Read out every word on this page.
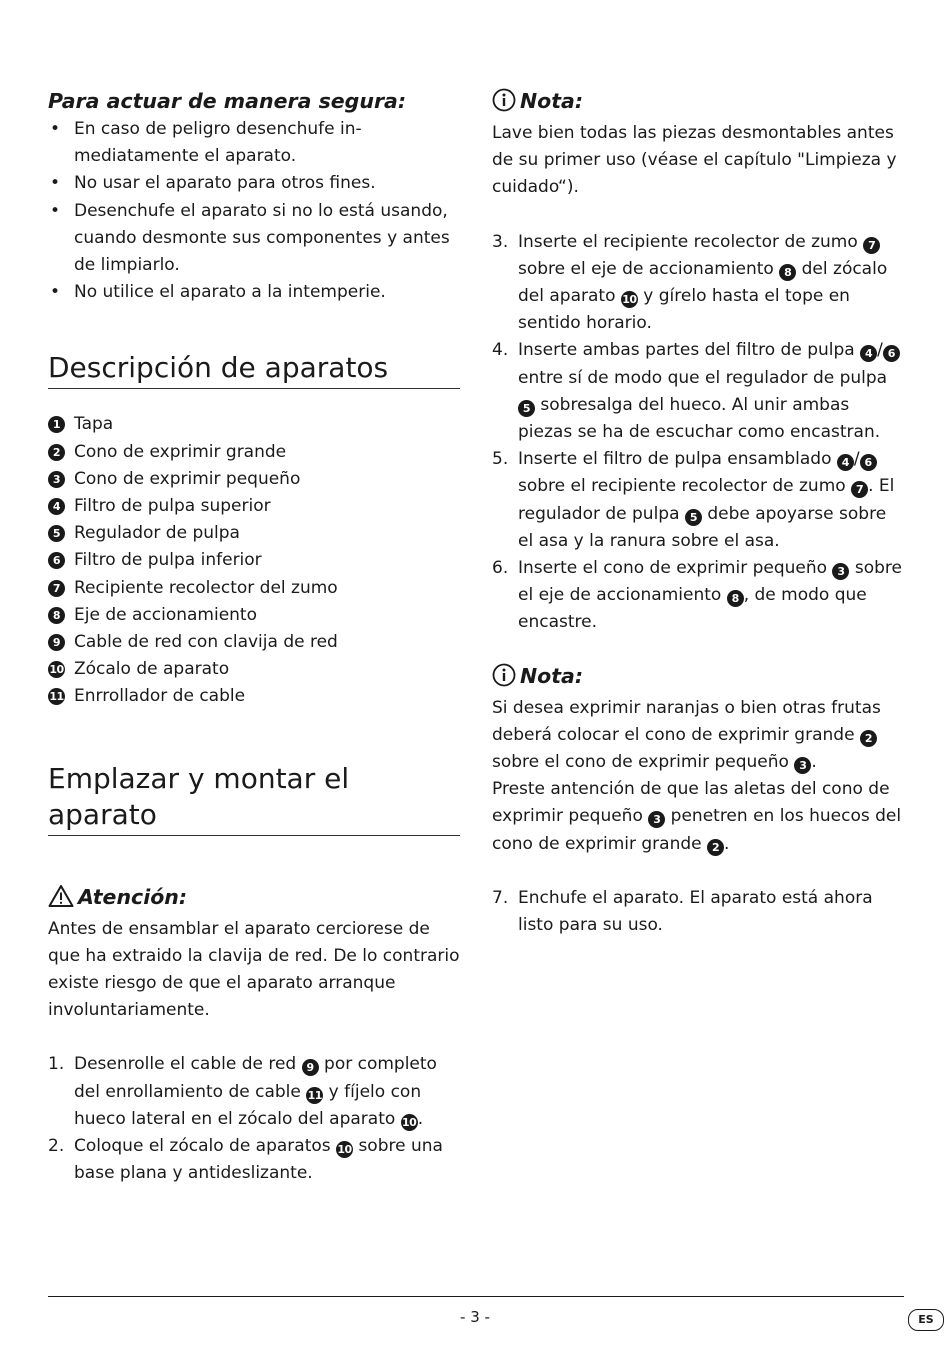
Para actuar de manera segura:

• En caso de peligro desenchufe in-mediatamente el aparato.
• No usar el aparato para otros fines.
• Desenchufe el aparato si no lo está usando, cuando desmonte sus componentes y antes de limpiarlo.
• No utilice el aparato a la intemperie.
Descripción de aparatos
1 Tapa
2 Cono de exprimir grande
3 Cono de exprimir pequeño
4 Filtro de pulpa superior
5 Regulador de pulpa
6 Filtro de pulpa inferior
7 Recipiente recolector del zumo
8 Eje de accionamiento
9 Cable de red con clavija de red
10 Zócalo de aparato
11 Enrrollador de cable
Emplazar y montar el aparato

Atención:

Antes de ensamblar el aparato cerciorese de que ha extraido la clavija de red. De lo contrario existe riesgo de que el aparato arranque involuntariamente.

1. Desenrolle el cable de red 9 por completo del enrollamiento de cable 11 y fíjelo con hueco lateral en el zócalo del aparato 10.
2. Coloque el zócalo de aparatos 10 sobre una base plana y antideslizante.

Nota:

Lave bien todas las piezas desmontables antes de su primer uso (véase el capítulo "Limpieza y cuidado“).

3. Inserte el recipiente recolector de zumo 7 sobre el eje de accionamiento 8 del zócalo del aparato 10 y gírelo hasta el tope en sentido horario.
4. Inserte ambas partes del filtro de pulpa 4 / 6 entre sí de modo que el regulador de pulpa 5 sobresalga del hueco. Al unir ambas piezas se ha de escuchar como encastran.
5. Inserte el filtro de pulpa ensamblado 4 / 6 sobre el recipiente recolector de zumo 7 . El regulador de pulpa 5 debe apoyarse sobre el asa y la ranura sobre el asa.
6. Inserte el cono de exprimir pequeño 3 sobre el eje de accionamiento 8 , de modo que encastre.

Nota:

Si desea exprimir naranjas o bien otras frutas deberá colocar el cono de exprimir grande 2 sobre el cono de exprimir pequeño 3 .

Preste antención de que las aletas del cono de exprimir pequeño 3 penetren en los huecos del cono de exprimir grande 2 .

7. Enchufe el aparato. El aparato está ahora listo para su uso.
- 3 -	ES
